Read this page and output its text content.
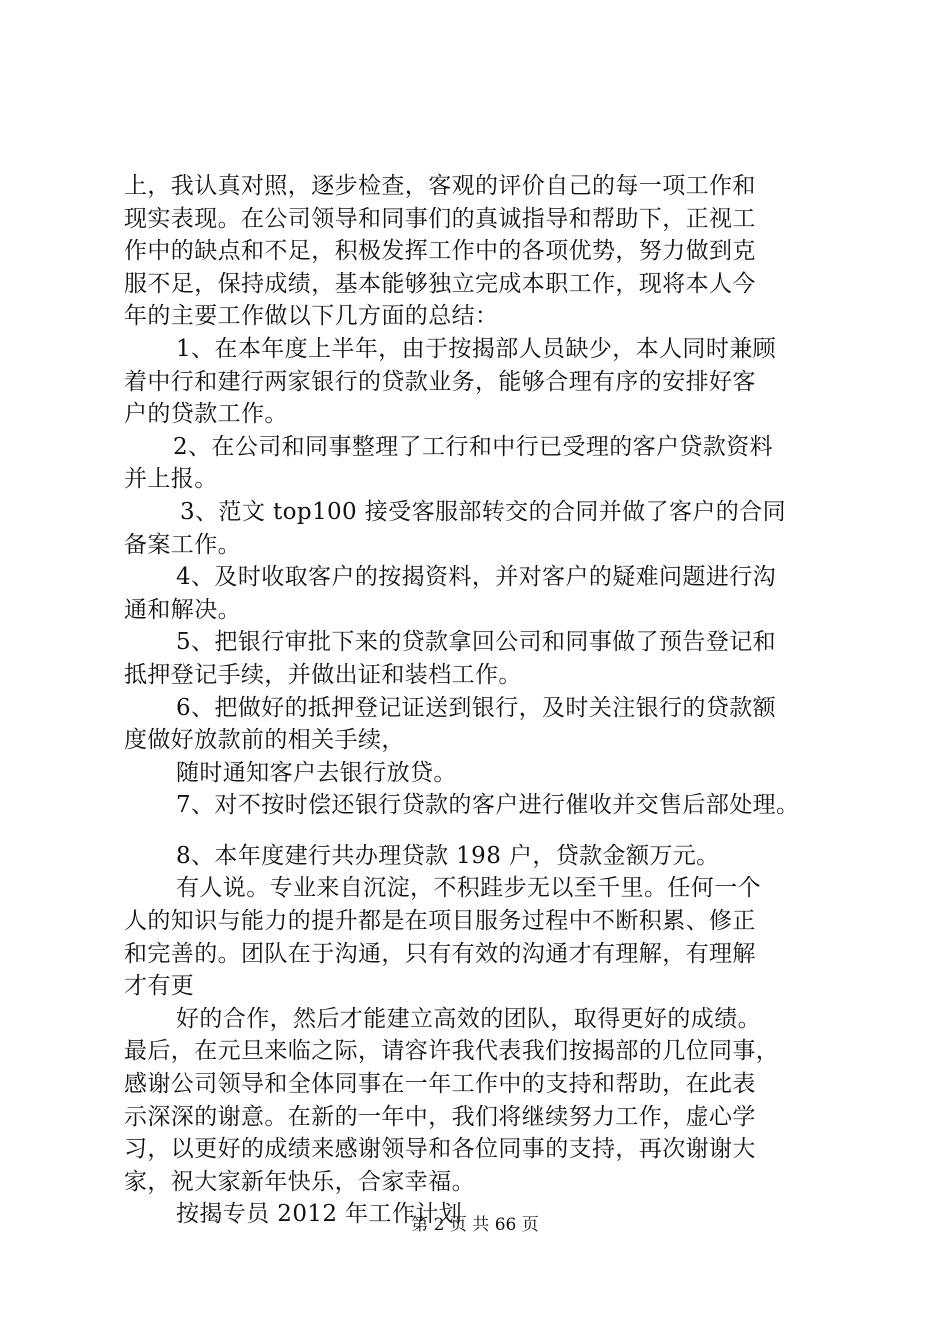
上，我认真对照，逐步检查，客观的评价自己的每一项工作和
现实表现。在公司领导和同事们的真诚指导和帮助下，正视工
作中的缺点和不足，积极发挥工作中的各项优势，努力做到克
服不足，保持成绩，基本能够独立完成本职工作，现将本人今
年的主要工作做以下几方面的总结：
1、在本年度上半年，由于按揭部人员缺少，本人同时兼顾
着中行和建行两家银行的贷款业务，能够合理有序的安排好客
户的贷款工作。
2、在公司和同事整理了工行和中行已受理的客户贷款资料
并上报。
3、范文 top100 接受客服部转交的合同并做了客户的合同
备案工作。
4、及时收取客户的按揭资料，并对客户的疑难问题进行沟
通和解决。
5、把银行审批下来的贷款拿回公司和同事做了预告登记和
抵押登记手续，并做出证和装档工作。
6、把做好的抵押登记证送到银行，及时关注银行的贷款额
度做好放款前的相关手续，
随时通知客户去银行放贷。
7、对不按时偿还银行贷款的客户进行催收并交售后部处理。
8、本年度建行共办理贷款 198 户，贷款金额万元。
有人说。专业来自沉淀，不积跬步无以至千里。任何一个
人的知识与能力的提升都是在项目服务过程中不断积累、修正
和完善的。团队在于沟通，只有有效的沟通才有理解，有理解
才有更
好的合作，然后才能建立高效的团队，取得更好的成绩。
最后，在元旦来临之际，请容许我代表我们按揭部的几位同事，
感谢公司领导和全体同事在一年工作中的支持和帮助，在此表
示深深的谢意。在新的一年中，我们将继续努力工作，虚心学
习，以更好的成绩来感谢领导和各位同事的支持，再次谢谢大
家，祝大家新年快乐，合家幸福。
按揭专员 2012 年工作计划
第 2 页 共 66 页
